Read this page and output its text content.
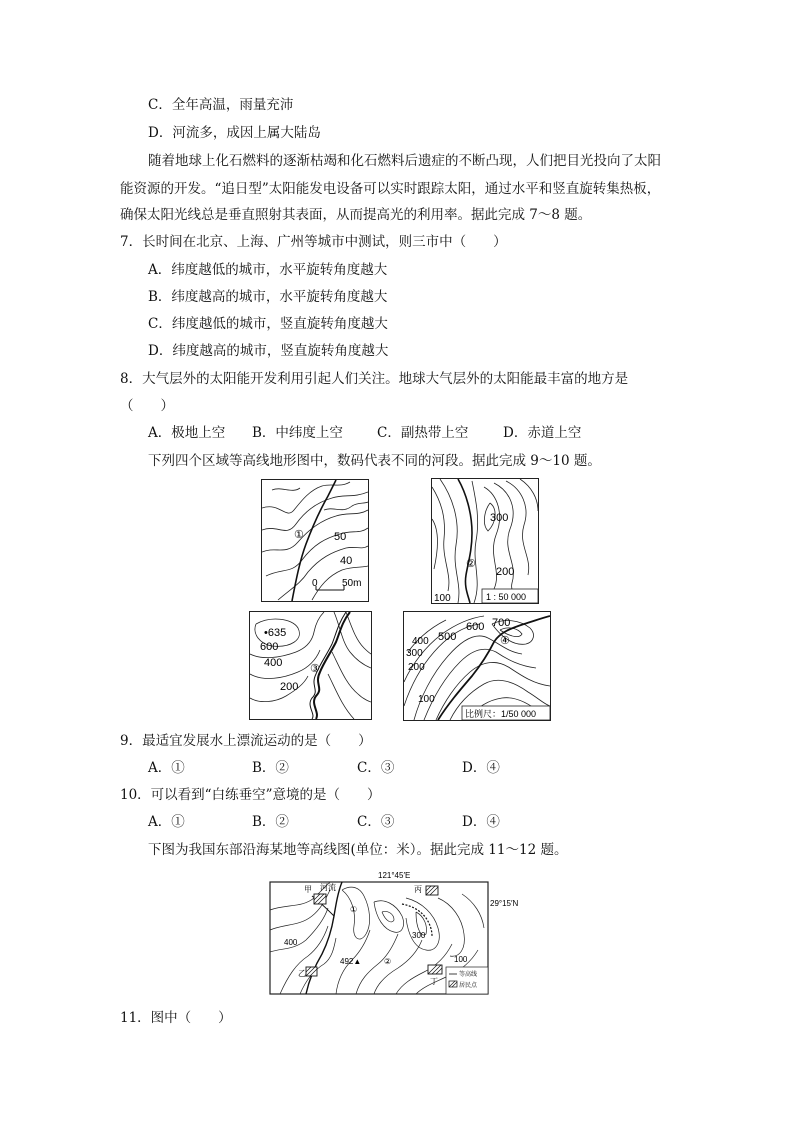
C．全年高温，雨量充沛
D．河流多，成因上属大陆岛
随着地球上化石燃料的逐渐枯竭和化石燃料后遗症的不断凸现，人们把目光投向了太阳
能资源的开发。“追日型”太阳能发电设备可以实时跟踪太阳，通过水平和竖直旋转集热板，
确保太阳光线总是垂直照射其表面，从而提高光的利用率。据此完成 7～8 题。
7．长时间在北京、上海、广州等城市中测试，则三市中（　　）
A．纬度越低的城市，水平旋转角度越大
B．纬度越高的城市，水平旋转角度越大
C．纬度越低的城市，竖直旋转角度越大
D．纬度越高的城市，竖直旋转角度越大
8．大气层外的太阳能开发利用引起人们关注。地球大气层外的太阳能最丰富的地方是
（　　）
A．极地上空 B．中纬度上空	C．副热带上空	D．赤道上空
下列四个区域等高线地形图中，数码代表不同的河段。据此完成 9～10 题。
①	50
40
0 50m
300
②
200
100	1 : 50 000
•635
600
400	③
200
600 700
500	④
400
300
200
100
比例尺：1/50 000
9．最适宜发展水上漂流运动的是（　　）
A．①	B．②	C．③	D．④
10．可以看到“白练垂空”意境的是（　　）
A．①	B．②	C．③	D．④
下图为我国东部沿海某地等高线图(单位：米）。据此完成 11～12 题。
121°45′E
甲 河流	丙
29°15′N
①
400
300
492▲	②	100
乙
丁
等高线
居民点
11．图中（　　）
